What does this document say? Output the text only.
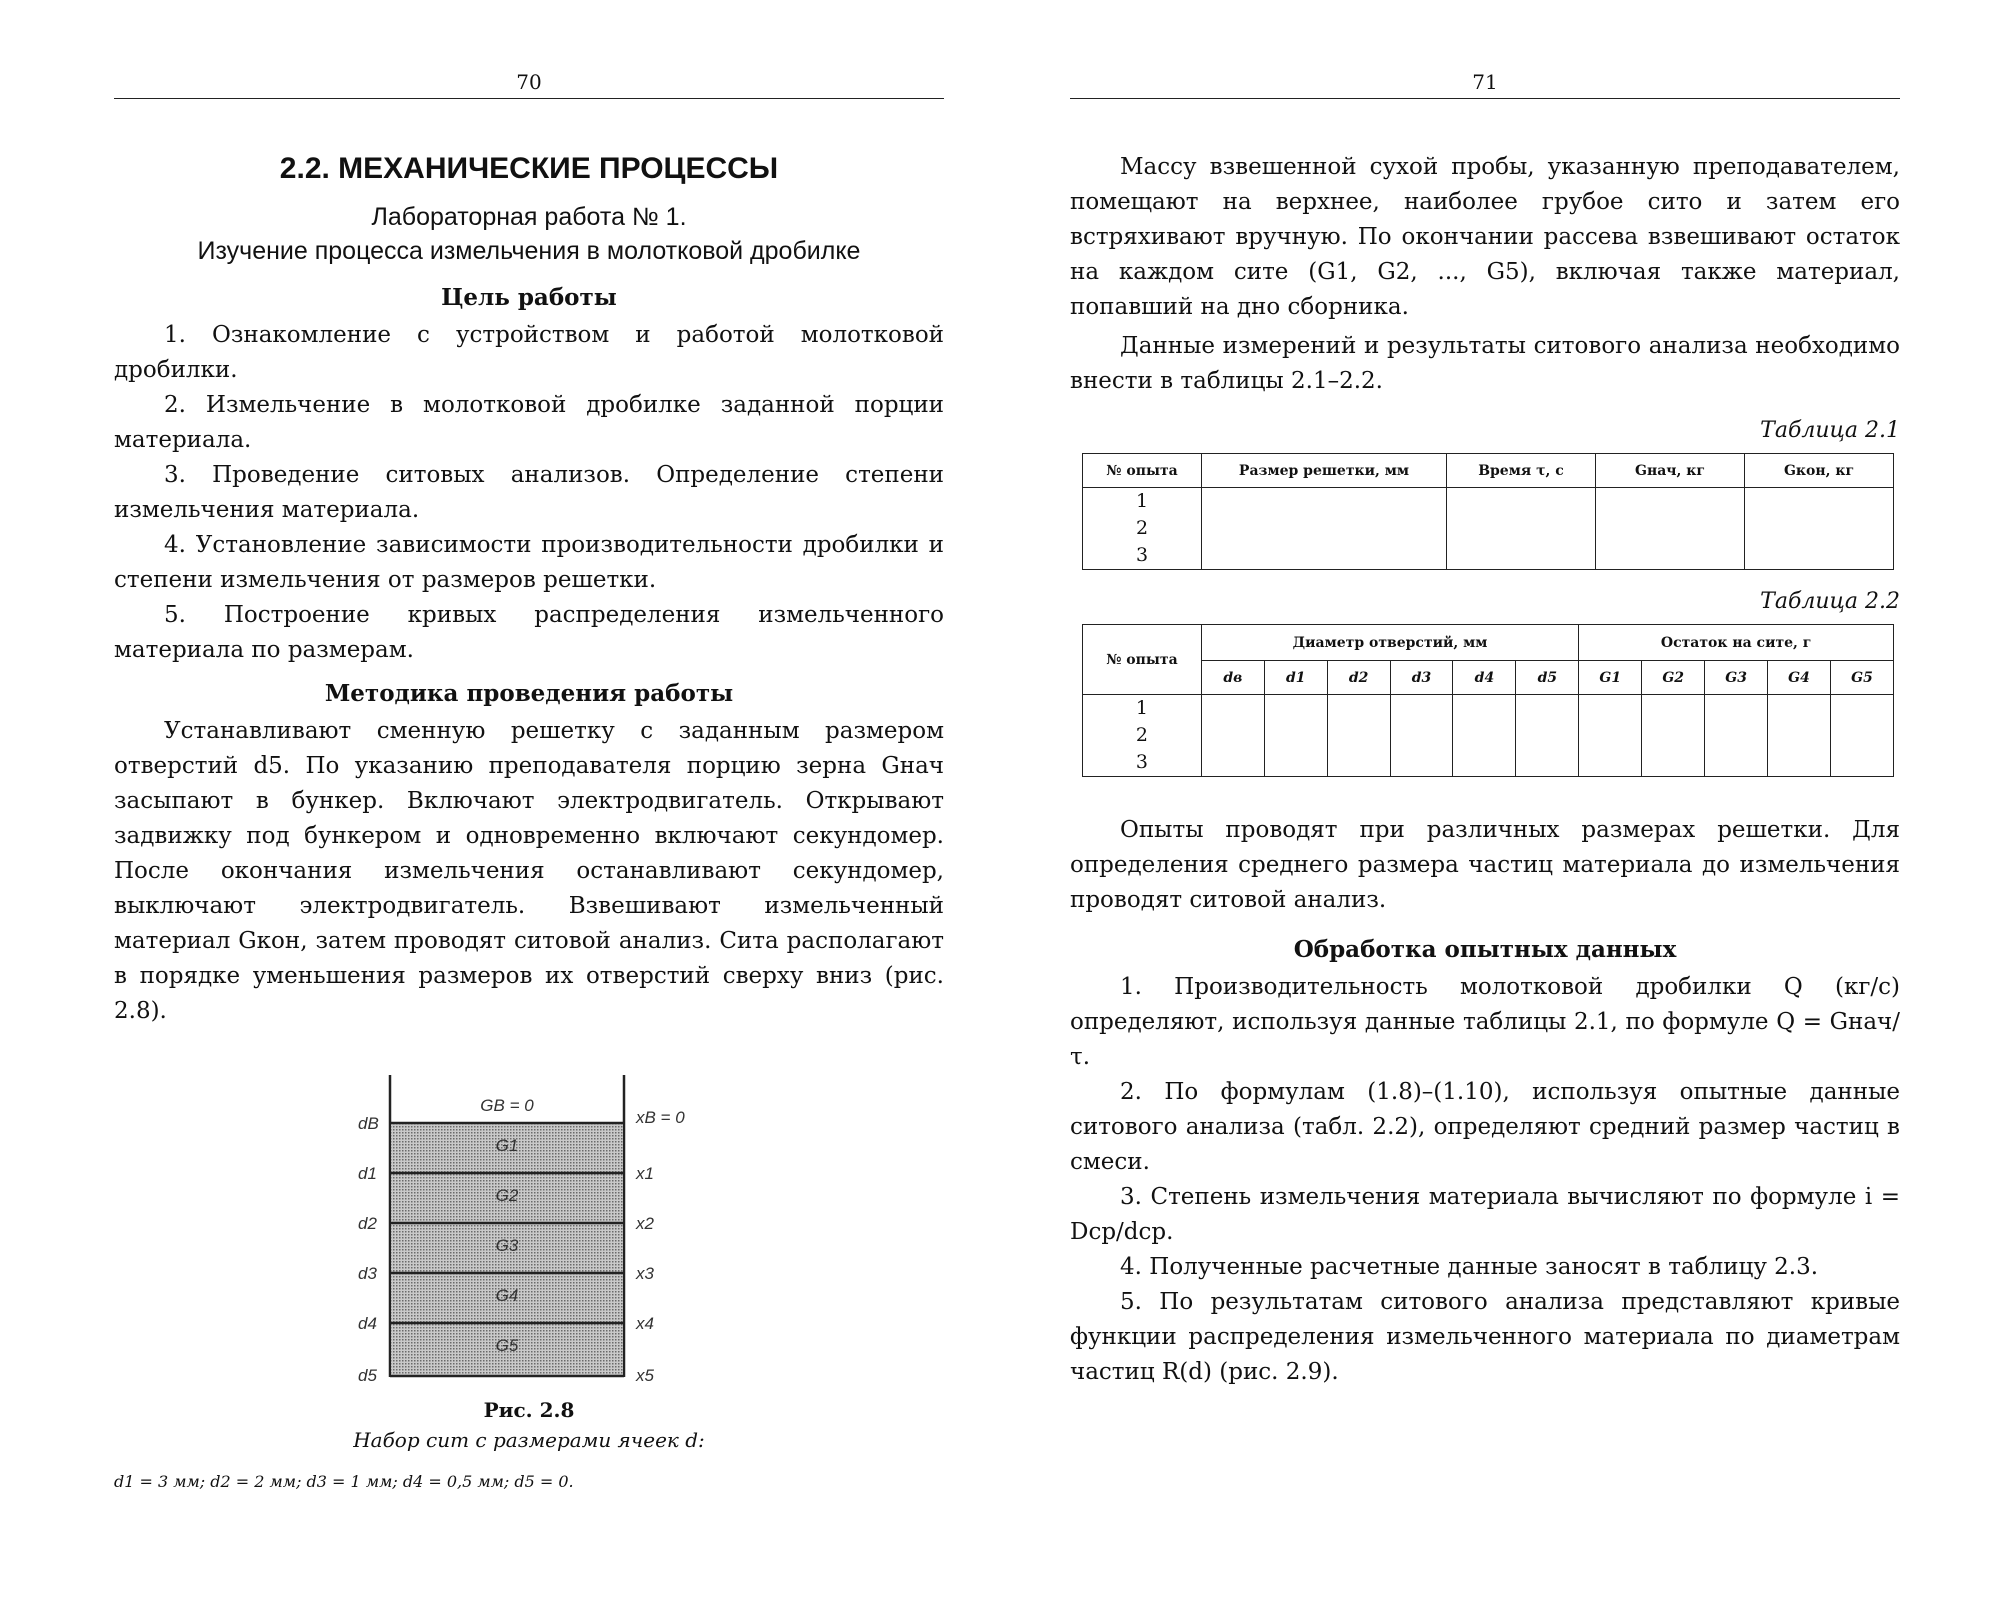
70
2.2. МЕХАНИЧЕСКИЕ ПРОЦЕССЫ

Лабораторная работа № 1.

Изучение процесса измельчения в молотковой дробилке

Цель работы

1. Ознакомление с устройством и работой молотковой дробилки.

2. Измельчение в молотковой дробилке заданной порции материала.

3. Проведение ситовых анализов. Определение степени измельчения материала.

4. Установление зависимости производительности дробилки и степени измельчения от размеров решетки.

5. Построение кривых распределения измельченного материала по размерам.

Методика проведения работы

Устанавливают сменную решетку с заданным размером отверстий d5. По указанию преподавателя порцию зерна Gнач засыпают в бункер. Включают электродвигатель. Открывают задвижку под бункером и одновременно включают секундомер. После окончания измельчения останавливают секундомер, выключают электродвигатель. Взвешивают измельченный материал Gкон, затем проводят ситовой анализ. Сита располагают в порядке уменьшения размеров их отверстий сверху вниз (рис. 2.8).

GB = 0
G1
G2
G3
G4
G5
dB
d1
d2
d3
d4
d5
xB = 0
x1
x2
x3
x4
x5
Рис. 2.8
Набор сит с размерами ячеек d:
d1 = 3 мм; d2 = 2 мм; d3 = 1 мм; d4 = 0,5 мм; d5 = 0.
71

Массу взвешенной сухой пробы, указанную преподавателем, помещают на верхнее, наиболее грубое сито и затем его встряхивают вручную. По окончании рассева взвешивают остаток на каждом сите (G1, G2, ..., G5), включая также материал, попавший на дно сборника.

Данные измерений и результаты ситового анализа необходимо внести в таблицы 2.1–2.2.

Таблица 2.1

№ опыта	Размер решетки, мм	Время τ, с	Gнач, кг	Gкон, кг

1
2
3				

Таблица 2.2

№ опыта	Диаметр отверстий, мм						Остаток на сите, г				
	dв	d1	d2	d3	d4	d5	G1	G2	G3	G4	G5

1
2
3											

Опыты проводят при различных размерах решетки. Для определения среднего размера частиц материала до измельчения проводят ситовой анализ.

Обработка опытных данных

1. Производительность молотковой дробилки Q (кг/с) определяют, используя данные таблицы 2.1, по формуле Q = Gнач/τ.

2. По формулам (1.8)–(1.10), используя опытные данные ситового анализа (табл. 2.2), определяют средний размер частиц в смеси.

3. Степень измельчения материала вычисляют по формуле i = Dср/dср.

4. Полученные расчетные данные заносят в таблицу 2.3.

5. По результатам ситового анализа представляют кривые функции распределения измельченного материала по диаметрам частиц R(d) (рис. 2.9).
